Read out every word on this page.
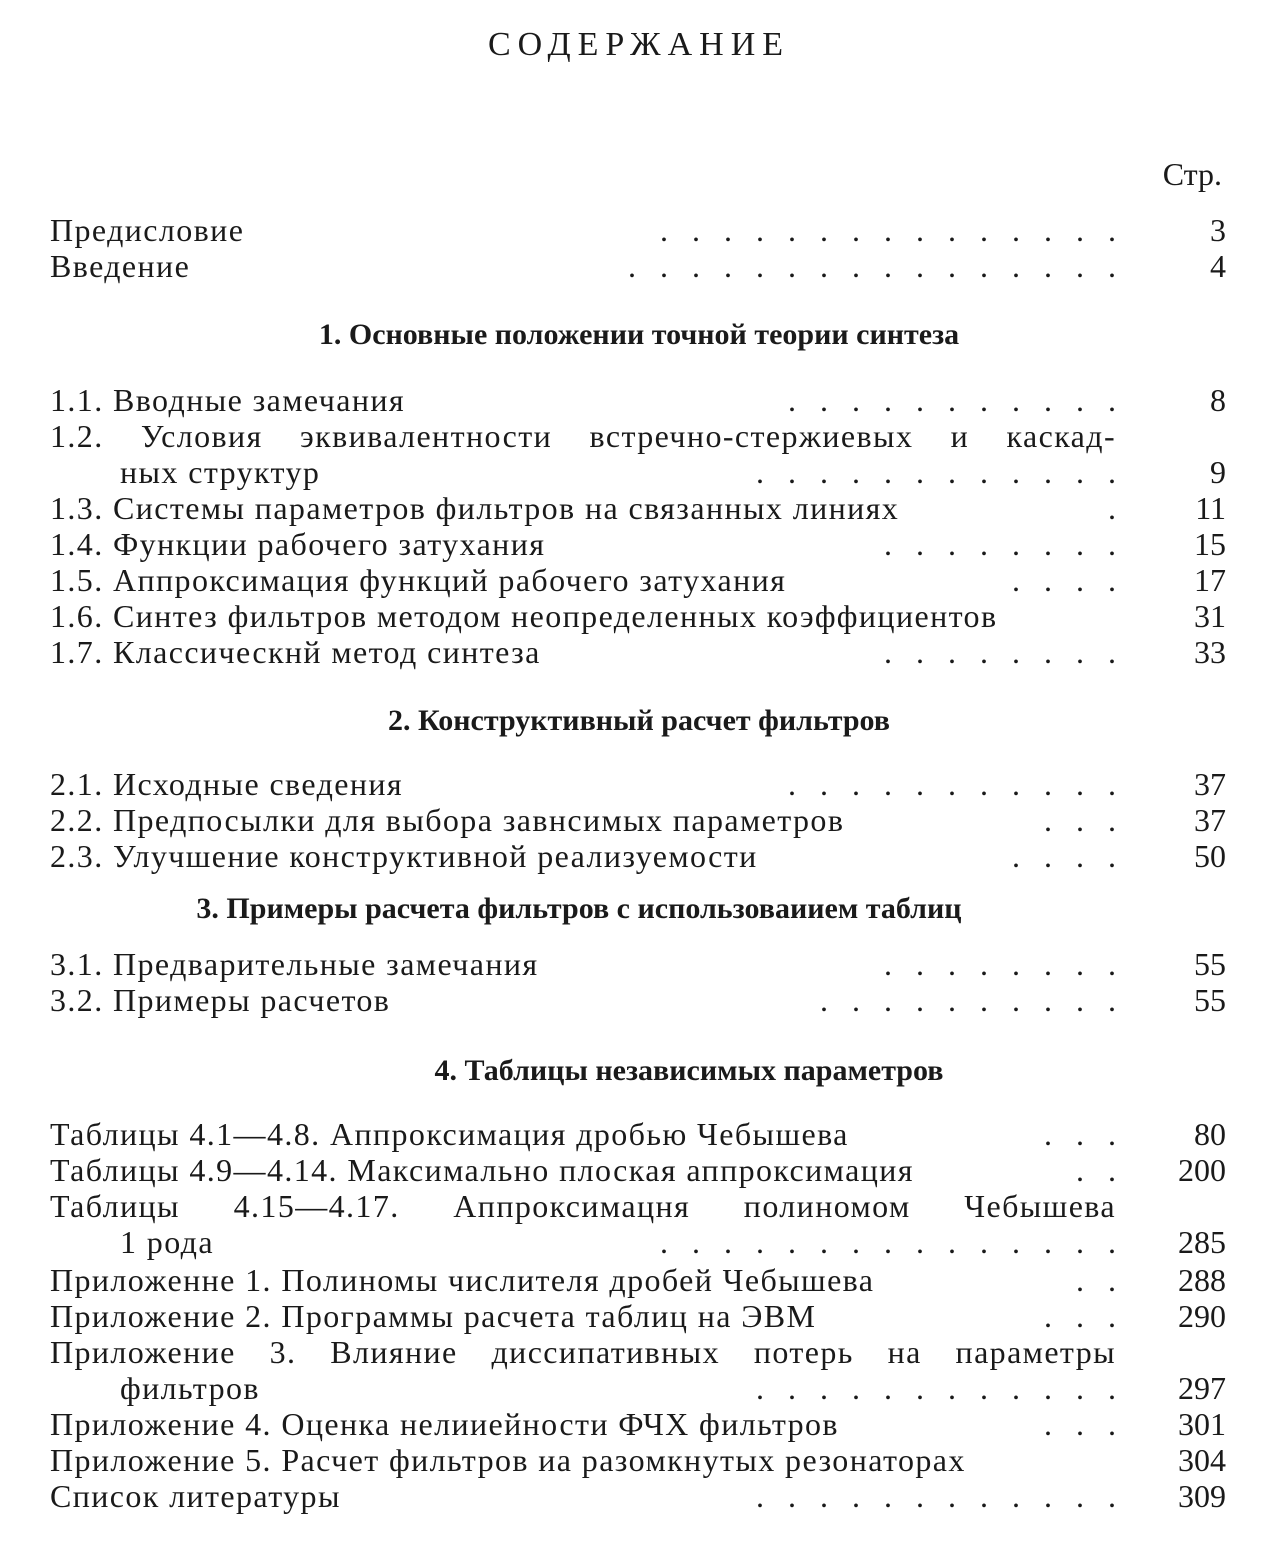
СОДЕРЖАНИЕ
Стр.
Предисловие	.   .   .   .   .   .   .   .   .   .   .   .   .   .   .	3
Введение	.   .   .   .   .   .   .   .   .   .   .   .   .   .   .   .	4
1. Основные положении точной теории синтеза
1.1. Вводные замечания	.   .   .   .   .   .   .   .   .   .   .	8
1.2. Условия эквивалентности встречно-стержиевых и каскад-
ных структур	.   .   .   .   .   .   .   .   .   .   .   .	9
1.3. Системы параметров фильтров на связанных линиях	.	11
1.4. Функции рабочего затухания	.   .   .   .   .   .   .   .	15
1.5. Аппроксимация функций рабочего затухания	.   .   .   .	17
1.6. Синтез фильтров методом неопределенных коэффициентов	31
1.7. Классическнй метод синтеза	.   .   .   .   .   .   .   .	33
2. Конструктивный расчет фильтров
2.1. Исходные сведения	.   .   .   .   .   .   .   .   .   .   .	37
2.2. Предпосылки для выбора завнсимых параметров	.   .   .	37
2.3. Улучшение конструктивной реализуемости	.   .   .   .	50
3. Примеры расчета фильтров с использоваиием таблиц
3.1. Предварительные замечания	.   .   .   .   .   .   .   .	55
3.2. Примеры расчетов	.   .   .   .   .   .   .   .   .   .	55
4. Таблицы независимых параметров
Таблицы 4.1—4.8. Аппроксимация дробью Чебышева	.   .   .	80
Таблицы 4.9—4.14. Максимально плоская аппроксимация	.   .	200
Таблицы 4.15—4.17. Аппроксимацня полиномом Чебышева
1 рода	.   .   .   .   .   .   .   .   .   .   .   .   .   .   .	285
Приложенне 1. Полиномы числителя дробей Чебышева	.   .	288
Приложение 2. Программы расчета таблиц на ЭВМ	.   .   .	290
Приложение 3. Влияние диссипативных потерь на параметры
фильтров	.   .   .   .   .   .   .   .   .   .   .   .	297
Приложение 4. Оценка нелииейности ФЧХ фильтров	.   .   .	301
Приложение 5. Расчет фильтров иа разомкнутых резонаторах	304
Список литературы	.   .   .   .   .   .   .   .   .   .   .   .	309
